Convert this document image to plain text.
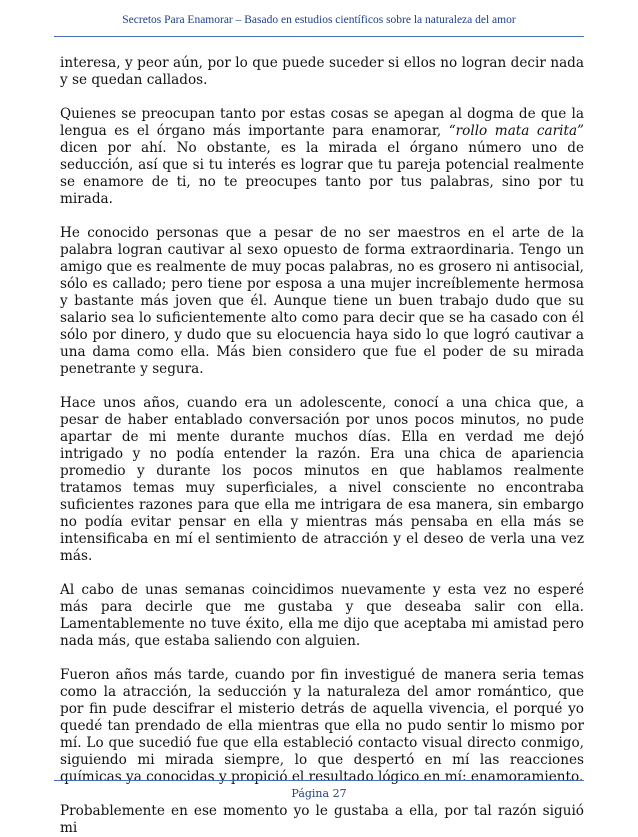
Secretos Para Enamorar – Basado en estudios científicos sobre la naturaleza del amor

interesa, y peor aún, por lo que puede suceder si ellos no logran decir nada y se quedan callados.

Quienes se preocupan tanto por estas cosas se apegan al dogma de que la lengua es el órgano más importante para enamorar, “rollo mata carita” dicen por ahí. No obstante, es la mirada el órgano número uno de seducción, así que si tu interés es lograr que tu pareja potencial realmente se enamore de ti, no te preocupes tanto por tus palabras, sino por tu mirada.

He conocido personas que a pesar de no ser maestros en el arte de la palabra logran cautivar al sexo opuesto de forma extraordinaria. Tengo un amigo que es realmente de muy pocas palabras, no es grosero ni antisocial, sólo es callado; pero tiene por esposa a una mujer increíblemente hermosa y bastante más joven que él. Aunque tiene un buen trabajo dudo que su salario sea lo suficientemente alto como para decir que se ha casado con él sólo por dinero, y dudo que su elocuencia haya sido lo que logró cautivar a una dama como ella. Más bien considero que fue el poder de su mirada penetrante y segura.

Hace unos años, cuando era un adolescente, conocí a una chica que, a pesar de haber entablado conversación por unos pocos minutos, no pude apartar de mi mente durante muchos días. Ella en verdad me dejó intrigado y no podía entender la razón. Era una chica de apariencia promedio y durante los pocos minutos en que hablamos realmente tratamos temas muy superficiales, a nivel consciente no encontraba suficientes razones para que ella me intrigara de esa manera, sin embargo no podía evitar pensar en ella y mientras más pensaba en ella más se intensificaba en mí el sentimiento de atracción y el deseo de verla una vez más.

Al cabo de unas semanas coincidimos nuevamente y esta vez no esperé más para decirle que me gustaba y que deseaba salir con ella. Lamentablemente no tuve éxito, ella me dijo que aceptaba mi amistad pero nada más, que estaba saliendo con alguien.

Fueron años más tarde, cuando por fin investigué de manera seria temas como la atracción, la seducción y la naturaleza del amor romántico, que por fin pude descifrar el misterio detrás de aquella vivencia, el porqué yo quedé tan prendado de ella mientras que ella no pudo sentir lo mismo por mí. Lo que sucedió fue que ella estableció contacto visual directo conmigo, siguiendo mi mirada siempre, lo que despertó en mí las reacciones químicas ya conocidas y propició el resultado lógico en mí: enamoramiento.

Probablemente en ese momento yo le gustaba a ella, por tal razón siguió mi

Página 27
